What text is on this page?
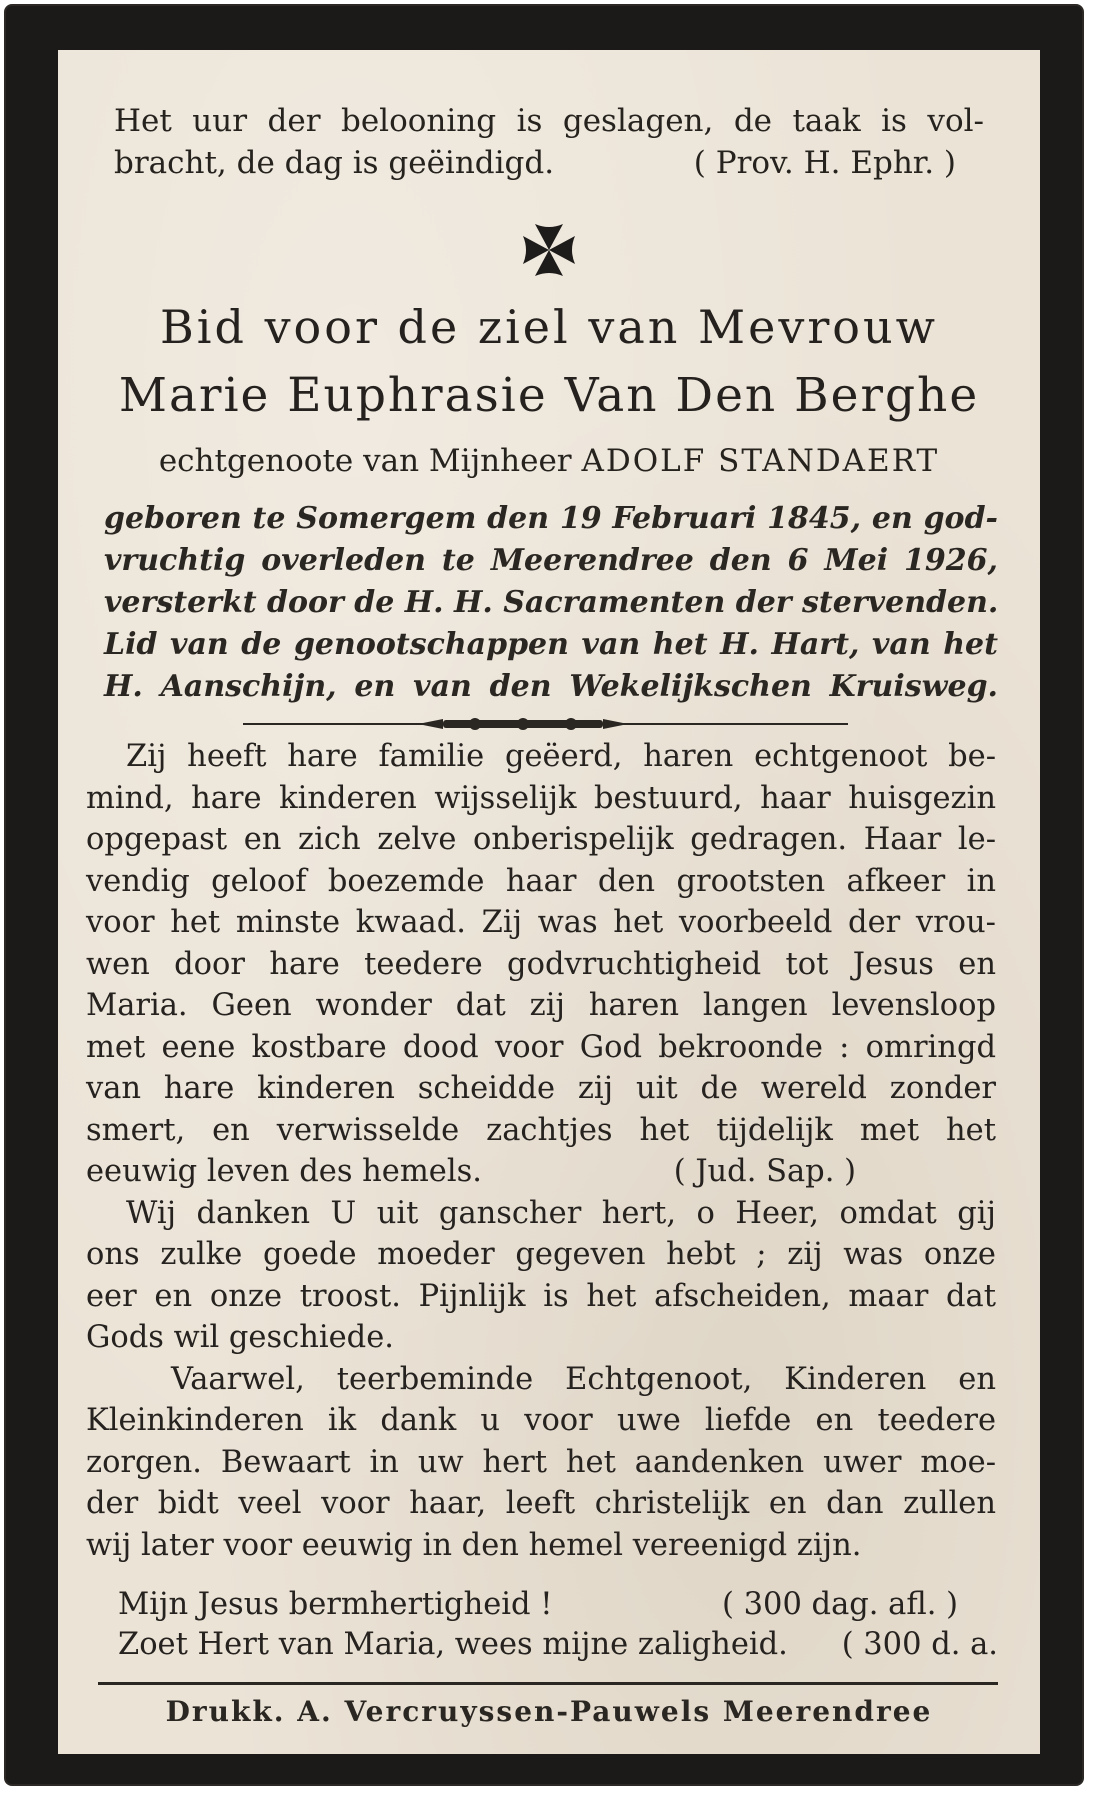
Het uur der belooning is geslagen, de taak is vol-
bracht, de dag is geëindigd.	( Prov. H. Ephr. )
Bid voor de ziel van Mevrouw
Marie Euphrasie Van Den Berghe
echtgenoote van Mijnheer ADOLF STANDAERT
geboren te Somergem den 19 Februari 1845, en god-
vruchtig overleden te Meerendree den 6 Mei 1926,
versterkt door de H. H. Sacramenten der stervenden.
Lid van de genootschappen van het H. Hart, van het
H. Aanschijn, en van den Wekelijkschen Kruisweg.
Zij heeft hare familie geëerd, haren echtgenoot be-
mind, hare kinderen wijsselijk bestuurd, haar huisgezin
opgepast en zich zelve onberispelijk gedragen. Haar le-
vendig geloof boezemde haar den grootsten afkeer in
voor het minste kwaad. Zij was het voorbeeld der vrou-
wen door hare teedere godvruchtigheid tot Jesus en
Maria. Geen wonder dat zij haren langen levensloop
met eene kostbare dood voor God bekroonde : omringd
van hare kinderen scheidde zij uit de wereld zonder
smert, en verwisselde zachtjes het tijdelijk met het
eeuwig leven des hemels.	( Jud. Sap. )
Wij danken U uit ganscher hert, o Heer, omdat gij
ons zulke goede moeder gegeven hebt ; zij was onze
eer en onze troost. Pijnlijk is het afscheiden, maar dat
Gods wil geschiede.
Vaarwel, teerbeminde Echtgenoot, Kinderen en
Kleinkinderen ik dank u voor uwe liefde en teedere
zorgen. Bewaart in uw hert het aandenken uwer moe-
der bidt veel voor haar, leeft christelijk en dan zullen
wij later voor eeuwig in den hemel vereenigd zijn.
Mijn Jesus bermhertigheid !	( 300 dag. afl. )
Zoet Hert van Maria, wees mijne zaligheid. ( 300 d. a.
Drukk. A. Vercruyssen-Pauwels Meerendree
